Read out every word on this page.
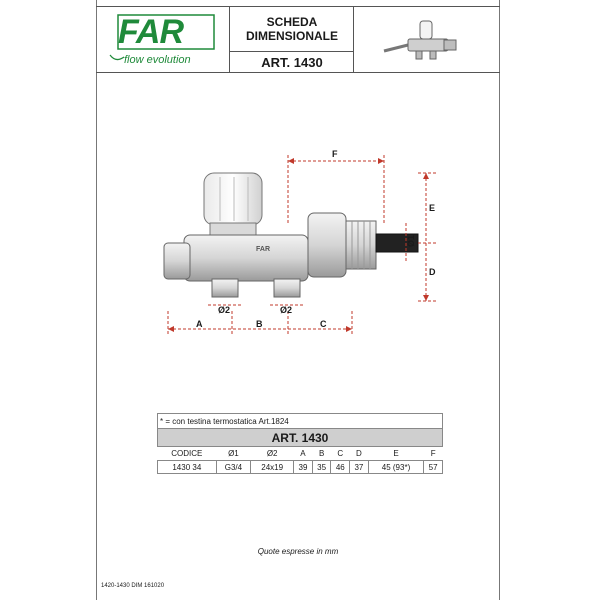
FAR
flow evolution
SCHEDA
DIMENSIONALE
ART. 1430
FAR
F
E
D
Ø1
A	B	C
Ø2	Ø2
* = con testina termostatica Art.1824								
ART. 1430								
CODICE	Ø1	Ø2	A	B	C	D	E	F
1430 34	G3/4	24x19	39	35	46	37	45 (93*)	57
Quote espresse in mm
1420-1430 DIM 161020
